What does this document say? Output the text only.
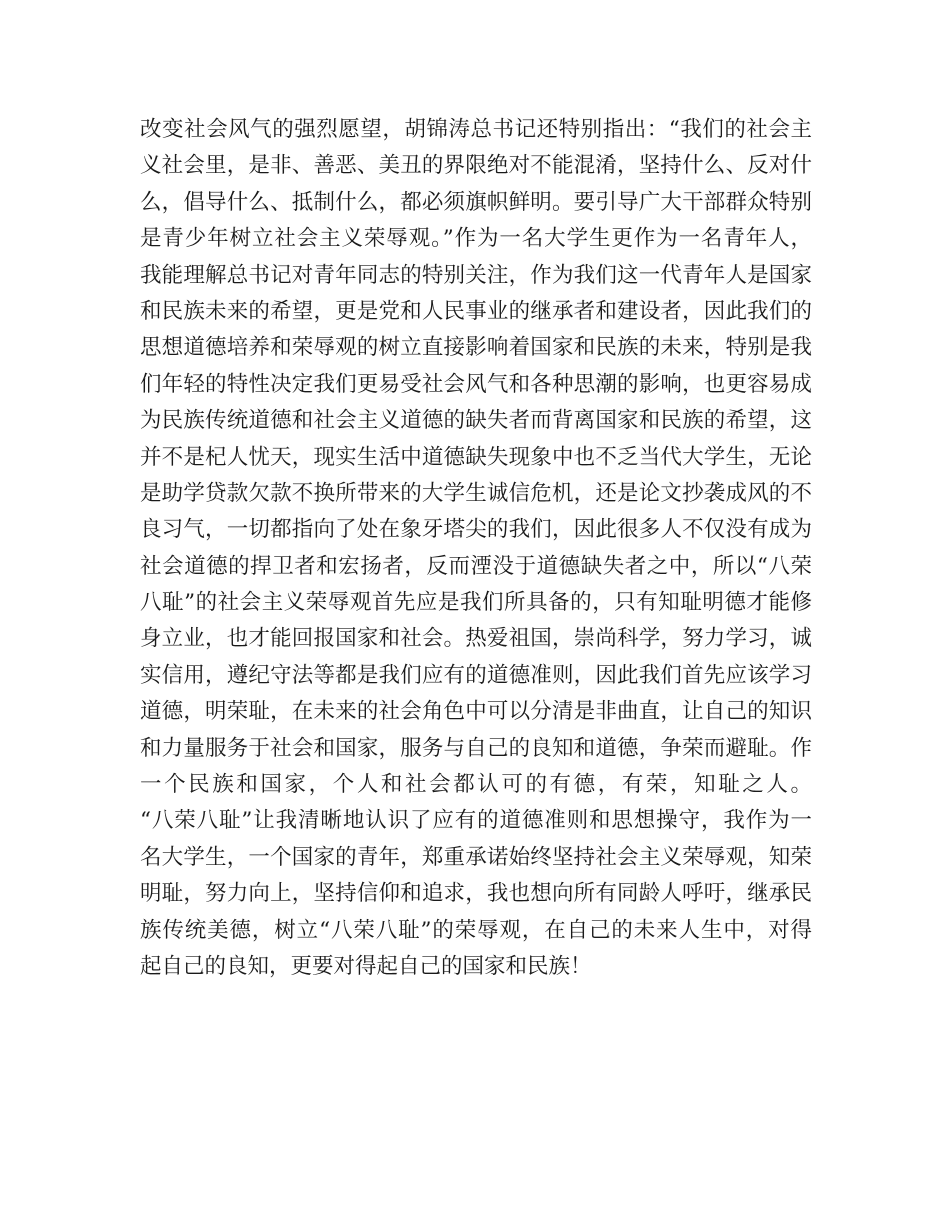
改变社会风气的强烈愿望，胡锦涛总书记还特别指出：“我们的社会主
义社会里，是非、善恶、美丑的界限绝对不能混淆，坚持什么、反对什
么，倡导什么、抵制什么，都必须旗帜鲜明。要引导广大干部群众特别
是青少年树立社会主义荣辱观。”作为一名大学生更作为一名青年人，
我能理解总书记对青年同志的特别关注，作为我们这一代青年人是国家
和民族未来的希望，更是党和人民事业的继承者和建设者，因此我们的
思想道德培养和荣辱观的树立直接影响着国家和民族的未来，特别是我
们年轻的特性决定我们更易受社会风气和各种思潮的影响，也更容易成
为民族传统道德和社会主义道德的缺失者而背离国家和民族的希望，这
并不是杞人忧天，现实生活中道德缺失现象中也不乏当代大学生，无论
是助学贷款欠款不换所带来的大学生诚信危机，还是论文抄袭成风的不
良习气，一切都指向了处在象牙塔尖的我们，因此很多人不仅没有成为
社会道德的捍卫者和宏扬者，反而湮没于道德缺失者之中，所以“八荣
八耻”的社会主义荣辱观首先应是我们所具备的，只有知耻明德才能修
身立业，也才能回报国家和社会。热爱祖国，崇尚科学，努力学习，诚
实信用，遵纪守法等都是我们应有的道德准则，因此我们首先应该学习
道德，明荣耻，在未来的社会角色中可以分清是非曲直，让自己的知识
和力量服务于社会和国家，服务与自己的良知和道德，争荣而避耻。作
一个民族和国家，个人和社会都认可的有德，有荣，知耻之人。
“八荣八耻”让我清晰地认识了应有的道德准则和思想操守，我作为一
名大学生，一个国家的青年，郑重承诺始终坚持社会主义荣辱观，知荣
明耻，努力向上，坚持信仰和追求，我也想向所有同龄人呼吁，继承民
族传统美德，树立“八荣八耻”的荣辱观，在自己的未来人生中，对得
起自己的良知，更要对得起自己的国家和民族！
